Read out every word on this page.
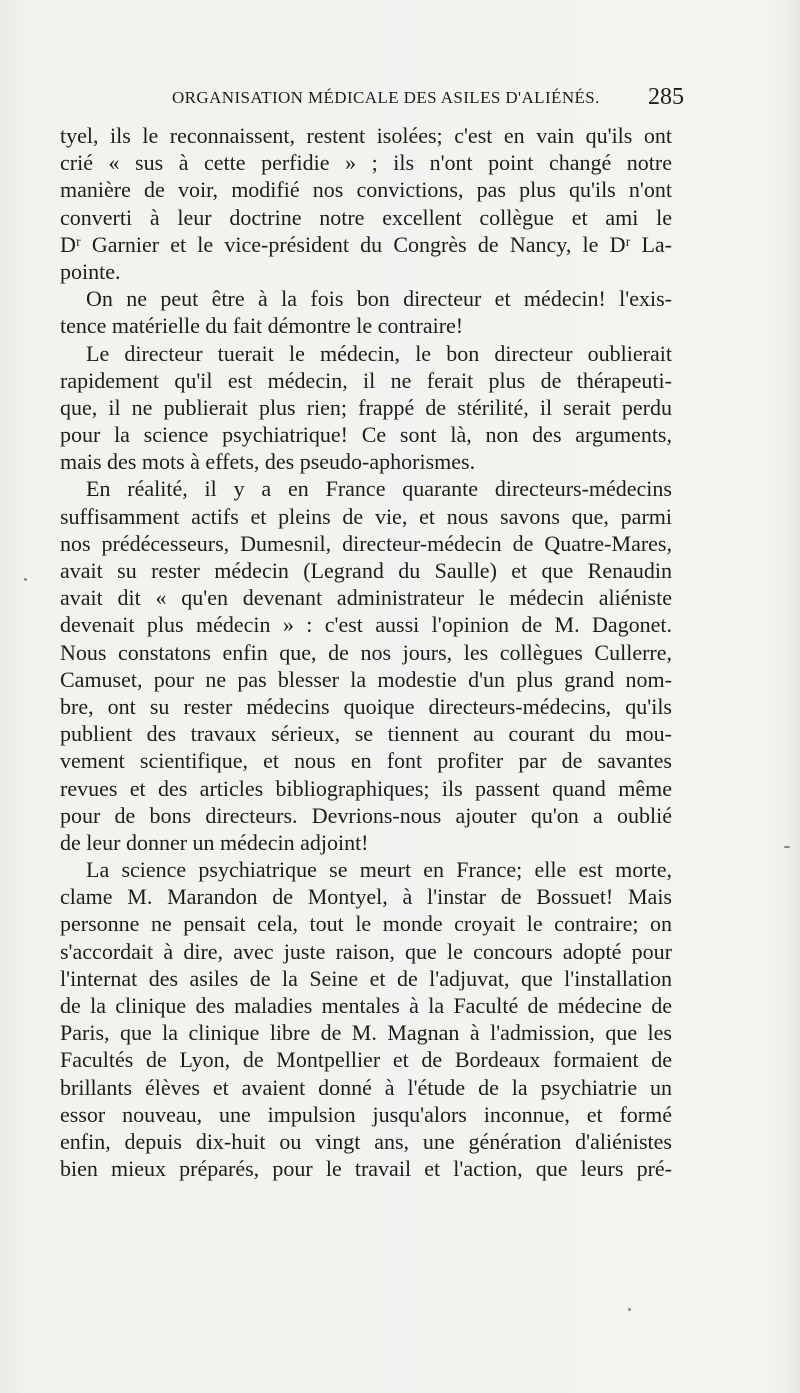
ORGANISATION MÉDICALE DES ASILES D'ALIÉNÉS. 285
tyel, ils le reconnaissent, restent isolées; c'est en vain qu'ils ont
crié « sus à cette perfidie » ; ils n'ont point changé notre
manière de voir, modifié nos convictions, pas plus qu'ils n'ont
converti à leur doctrine notre excellent collègue et ami le
Dʳ Garnier et le vice-président du Congrès de Nancy, le Dʳ La-
pointe.
On ne peut être à la fois bon directeur et médecin! l'exis-
tence matérielle du fait démontre le contraire!
Le directeur tuerait le médecin, le bon directeur oublierait
rapidement qu'il est médecin, il ne ferait plus de thérapeuti-
que, il ne publierait plus rien; frappé de stérilité, il serait perdu
pour la science psychiatrique! Ce sont là, non des arguments,
mais des mots à effets, des pseudo-aphorismes.
En réalité, il y a en France quarante directeurs-médecins
suffisamment actifs et pleins de vie, et nous savons que, parmi
nos prédécesseurs, Dumesnil, directeur-médecin de Quatre-Mares,
avait su rester médecin (Legrand du Saulle) et que Renaudin
avait dit « qu'en devenant administrateur le médecin aliéniste
devenait plus médecin » : c'est aussi l'opinion de M. Dagonet.
Nous constatons enfin que, de nos jours, les collègues Cullerre,
Camuset, pour ne pas blesser la modestie d'un plus grand nom-
bre, ont su rester médecins quoique directeurs-médecins, qu'ils
publient des travaux sérieux, se tiennent au courant du mou-
vement scientifique, et nous en font profiter par de savantes
revues et des articles bibliographiques; ils passent quand même
pour de bons directeurs. Devrions-nous ajouter qu'on a oublié
de leur donner un médecin adjoint!
La science psychiatrique se meurt en France; elle est morte,
clame M. Marandon de Montyel, à l'instar de Bossuet! Mais
personne ne pensait cela, tout le monde croyait le contraire; on
s'accordait à dire, avec juste raison, que le concours adopté pour
l'internat des asiles de la Seine et de l'adjuvat, que l'installation
de la clinique des maladies mentales à la Faculté de médecine de
Paris, que la clinique libre de M. Magnan à l'admission, que les
Facultés de Lyon, de Montpellier et de Bordeaux formaient de
brillants élèves et avaient donné à l'étude de la psychiatrie un
essor nouveau, une impulsion jusqu'alors inconnue, et formé
enfin, depuis dix-huit ou vingt ans, une génération d'aliénistes
bien mieux préparés, pour le travail et l'action, que leurs pré-
